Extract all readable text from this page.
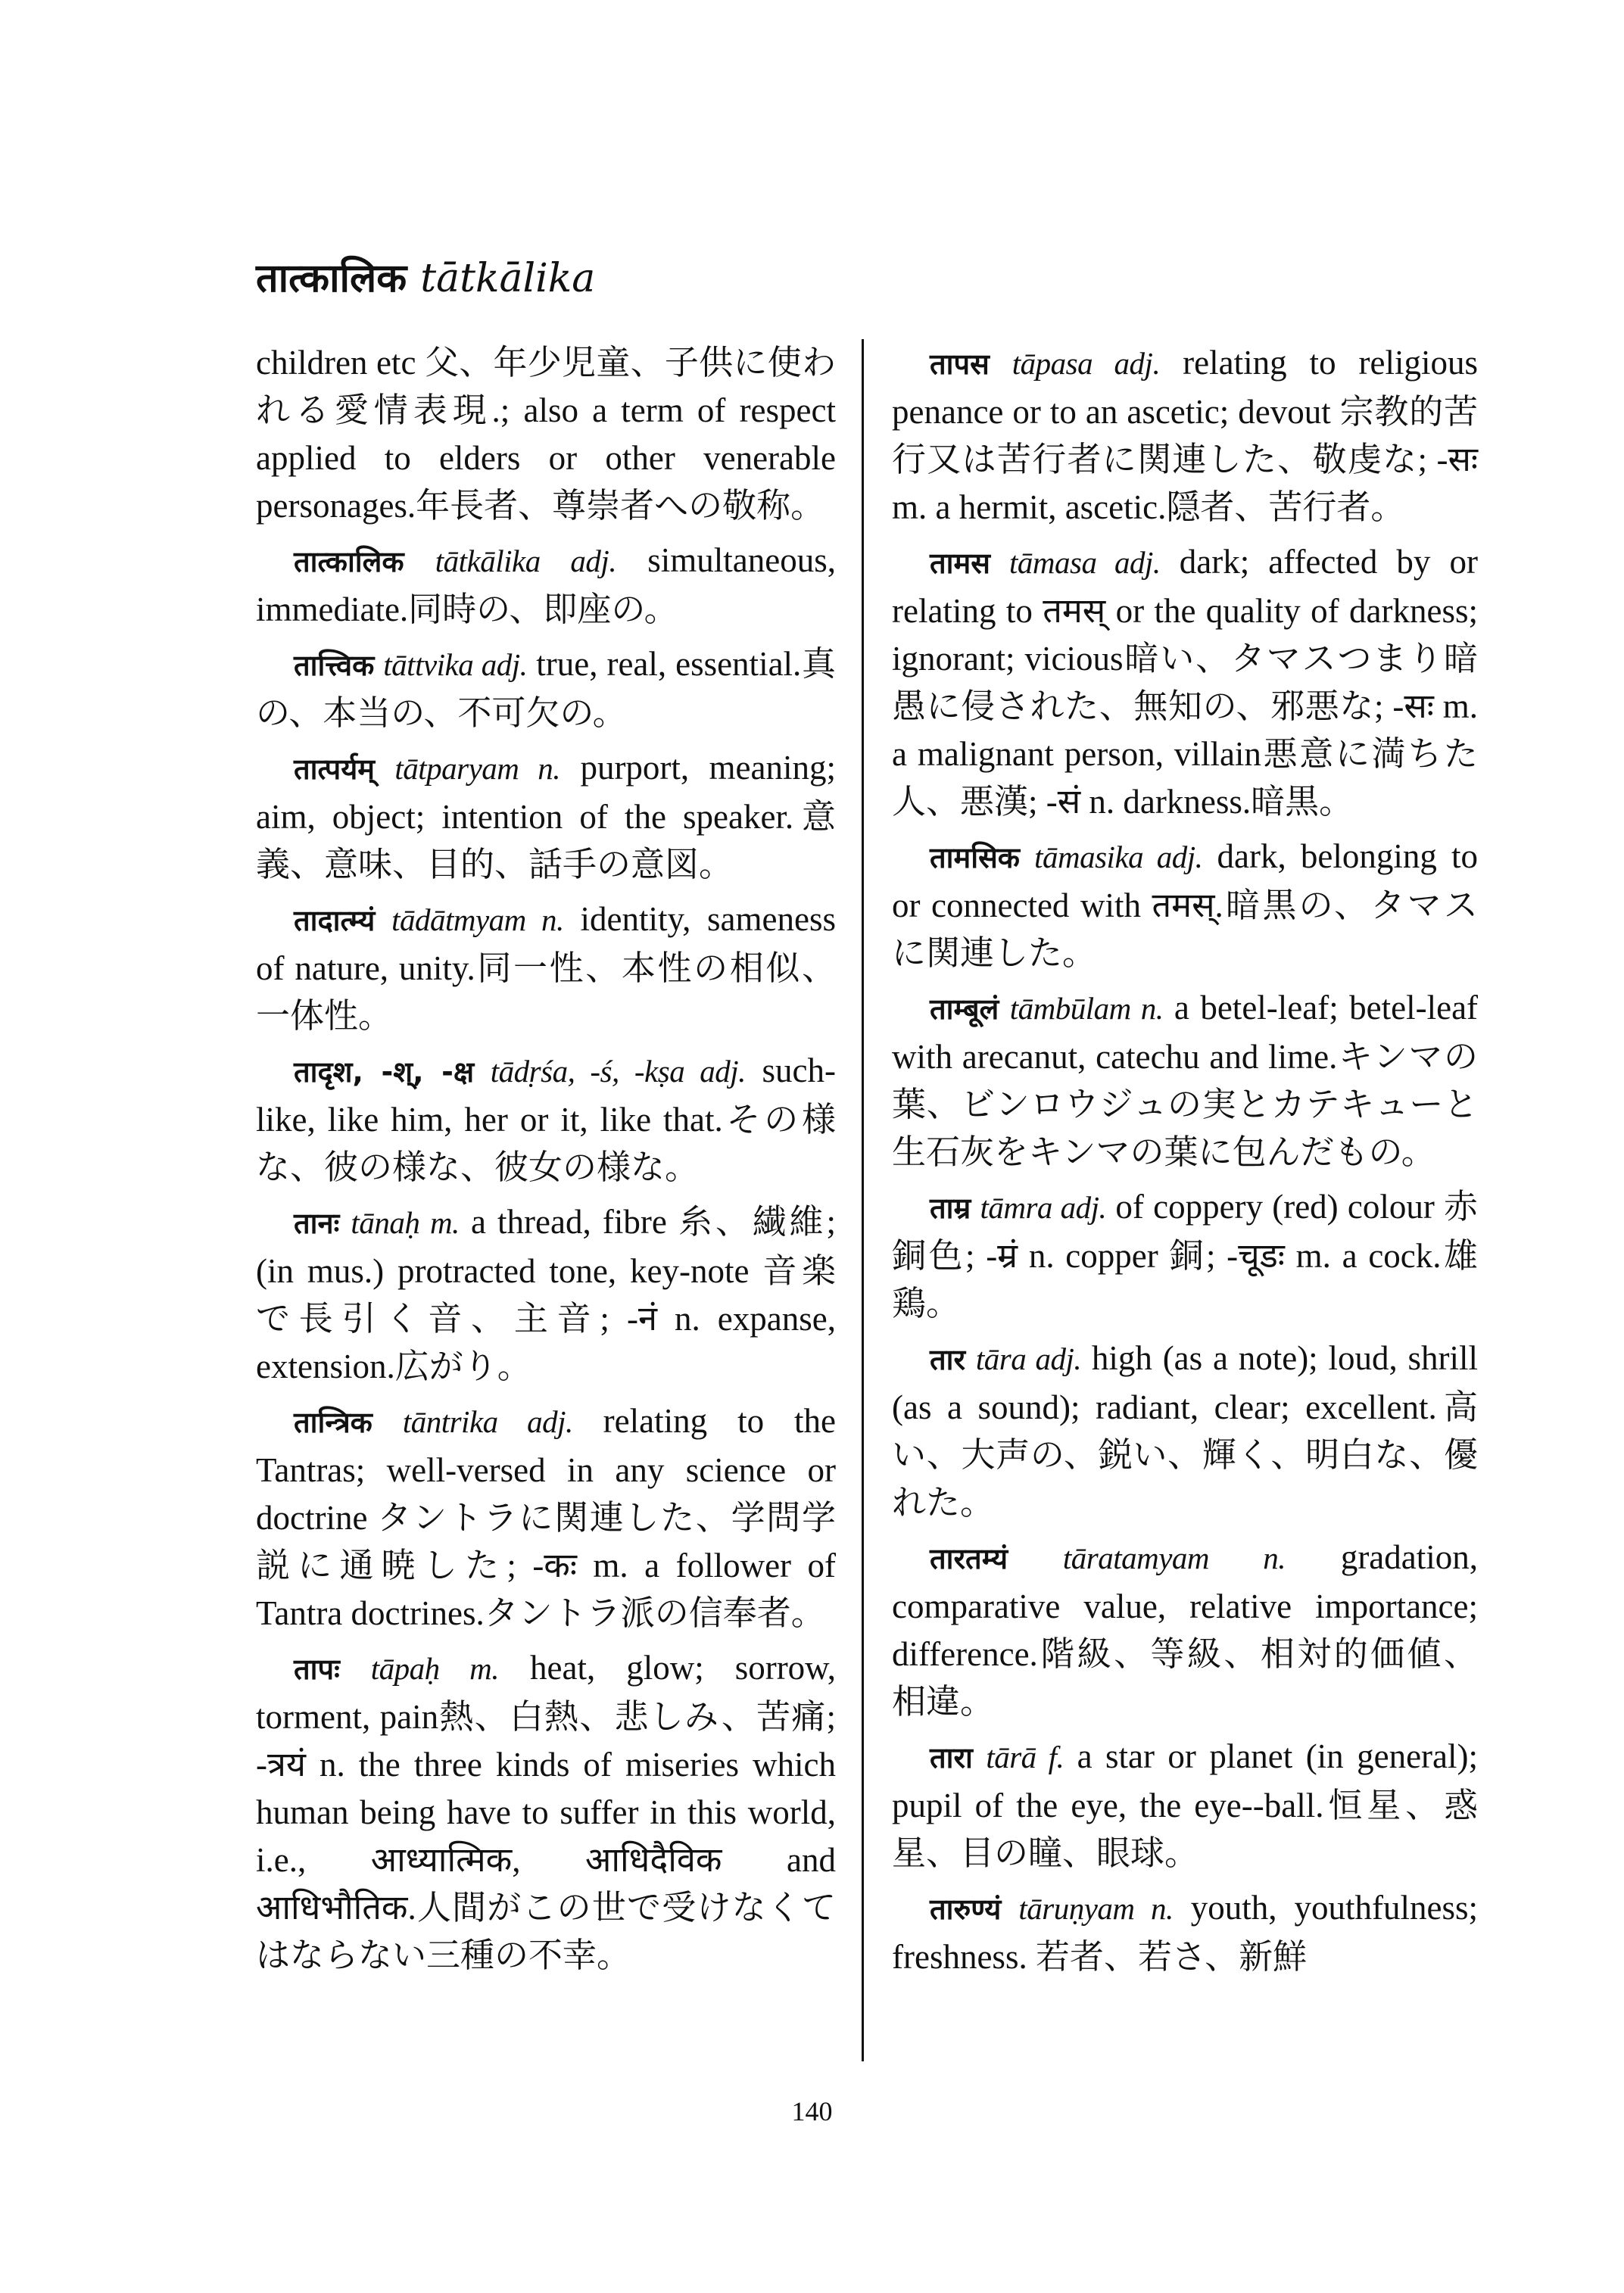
तात्कालिक tātkālika

children etc 父、年少児童、子供に使われる愛情表現.; also a term of respect applied to elders or other venerable personages.年長者、尊崇者への敬称。

तात्कालिक tātkālika adj. simultaneous, immediate.同時の、即座の。

तात्त्विक tāttvika adj. true, real, essential.真の、本当の、不可欠の。

तात्पर्यम् tātparyam n. purport, meaning; aim, object; intention of the speaker.意義、意味、目的、話手の意図。

तादात्म्यं tādātmyam n. identity, sameness of nature, unity.同一性、本性の相似、一体性。

तादृश, -श्, -क्ष tādṛśa, -ś, -kṣa adj. such-like, like him, her or it, like that.その様な、彼の様な、彼女の様な。

तानः tānaḥ m. a thread, fibre 糸、繊維; (in mus.) protracted tone, key-note 音楽で長引く音、主音; -नं n. expanse, extension.広がり。

तान्त्रिक tāntrika adj. relating to the Tantras; well-versed in any science or doctrine タントラに関連した、学問学説に通暁した; -कः m. a follower of Tantra doctrines.タントラ派の信奉者。

तापः tāpaḥ m. heat, glow; sorrow, torment, pain熱、白熱、悲しみ、苦痛; -त्रयं n. the three kinds of miseries which human being have to suffer in this world, i.e., आध्यात्मिक, आधिदैविक and आधिभौतिक.人間がこの世で受けなくてはならない三種の不幸。

तापस tāpasa adj. relating to religious penance or to an ascetic; devout 宗教的苦行又は苦行者に関連した、敬虔な; -सः m. a hermit, ascetic.隠者、苦行者。

तामस tāmasa adj. dark; affected by or relating to तमस् or the quality of darkness; ignorant; vicious暗い、タマスつまり暗愚に侵された、無知の、邪悪な; -सः m. a malignant person, villain悪意に満ちた人、悪漢; -सं n. darkness.暗黒。

तामसिक tāmasika adj. dark, belonging to or connected with तमस्.暗黒の、タマスに関連した。

ताम्बूलं tāmbūlam n. a betel-leaf; betel-leaf with arecanut, catechu and lime.キンマの葉、ビンロウジュの実とカテキューと生石灰をキンマの葉に包んだもの。

ताम्र tāmra adj. of coppery (red) colour 赤銅色; -म्रं n. copper 銅; -चूडः m. a cock.雄鶏。

तार tāra adj. high (as a note); loud, shrill (as a sound); radiant, clear; excellent.高い、大声の、鋭い、輝く、明白な、優れた。

तारतम्यं tāratamyam n. gradation, comparative value, relative importance; difference.階級、等級、相対的価値、相違。

तारा tārā f. a star or planet (in general); pupil of the eye, the eye--ball.恒星、惑星、目の瞳、眼球。

तारुण्यं tāruṇyam n. youth, youthfulness; freshness. 若者、若さ、新鮮

140
